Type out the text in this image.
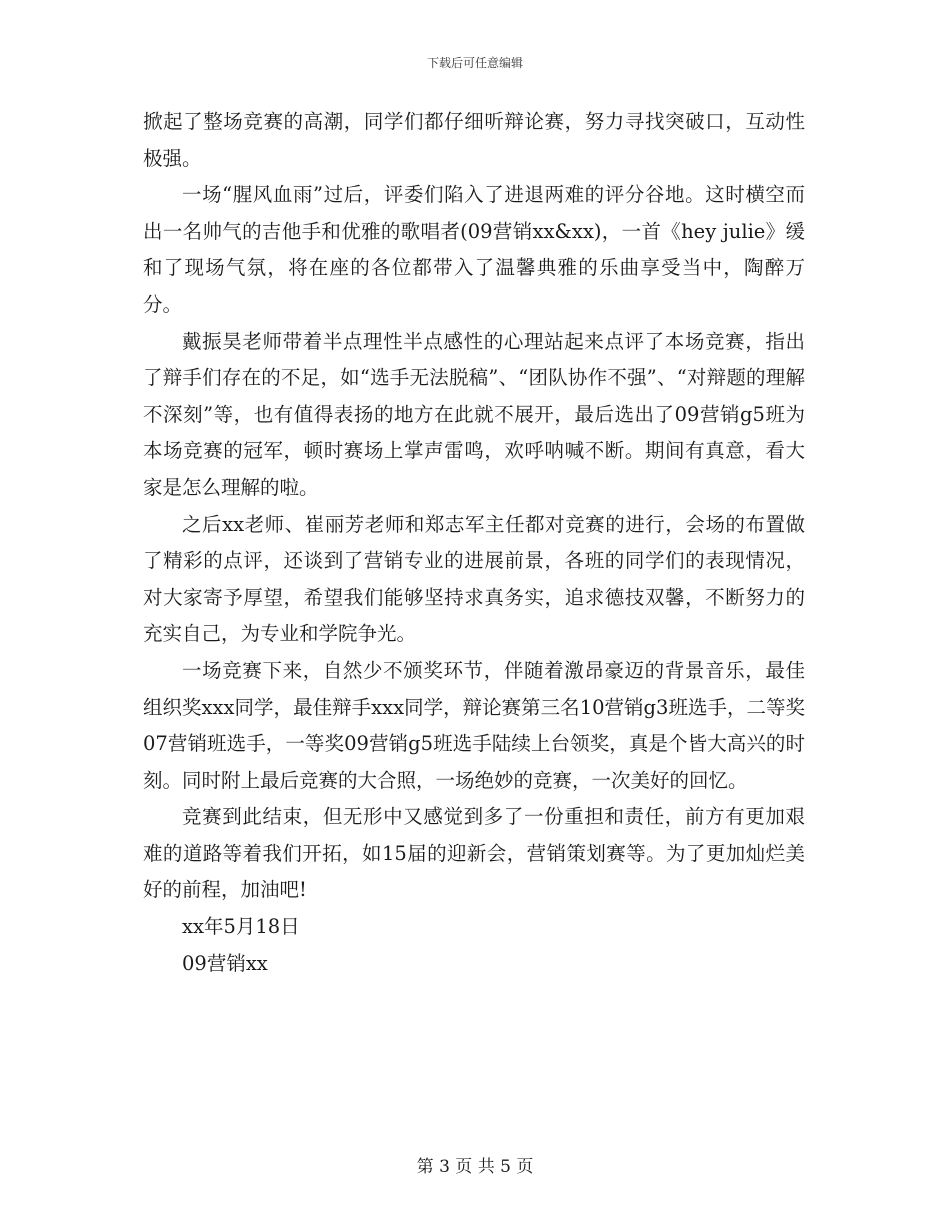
下载后可任意编辑

掀起了整场竞赛的高潮，同学们都仔细听辩论赛，努力寻找突破口，互动性极强。

一场“腥风血雨”过后，评委们陷入了进退两难的评分谷地。这时横空而出一名帅气的吉他手和优雅的歌唱者(09营销xx&xx)，一首《hey julie》缓和了现场气氛，将在座的各位都带入了温馨典雅的乐曲享受当中，陶醉万分。

戴振昊老师带着半点理性半点感性的心理站起来点评了本场竞赛，指出了辩手们存在的不足，如“选手无法脱稿”、“团队协作不强”、“对辩题的理解不深刻”等，也有值得表扬的地方在此就不展开，最后选出了09营销g5班为本场竞赛的冠军，顿时赛场上掌声雷鸣，欢呼呐喊不断。期间有真意，看大家是怎么理解的啦。

之后xx老师、崔丽芳老师和郑志军主任都对竞赛的进行，会场的布置做了精彩的点评，还谈到了营销专业的进展前景，各班的同学们的表现情况，对大家寄予厚望，希望我们能够坚持求真务实，追求德技双馨，不断努力的充实自己，为专业和学院争光。

一场竞赛下来，自然少不颁奖环节，伴随着激昂豪迈的背景音乐，最佳组织奖xxx同学，最佳辩手xxx同学，辩论赛第三名10营销g3班选手，二等奖07营销班选手，一等奖09营销g5班选手陆续上台领奖，真是个皆大高兴的时刻。同时附上最后竞赛的大合照，一场绝妙的竞赛，一次美好的回忆。

竞赛到此结束，但无形中又感觉到多了一份重担和责任，前方有更加艰难的道路等着我们开拓，如15届的迎新会，营销策划赛等。为了更加灿烂美好的前程，加油吧!

xx年5月18日

09营销xx

第 3 页 共 5 页
